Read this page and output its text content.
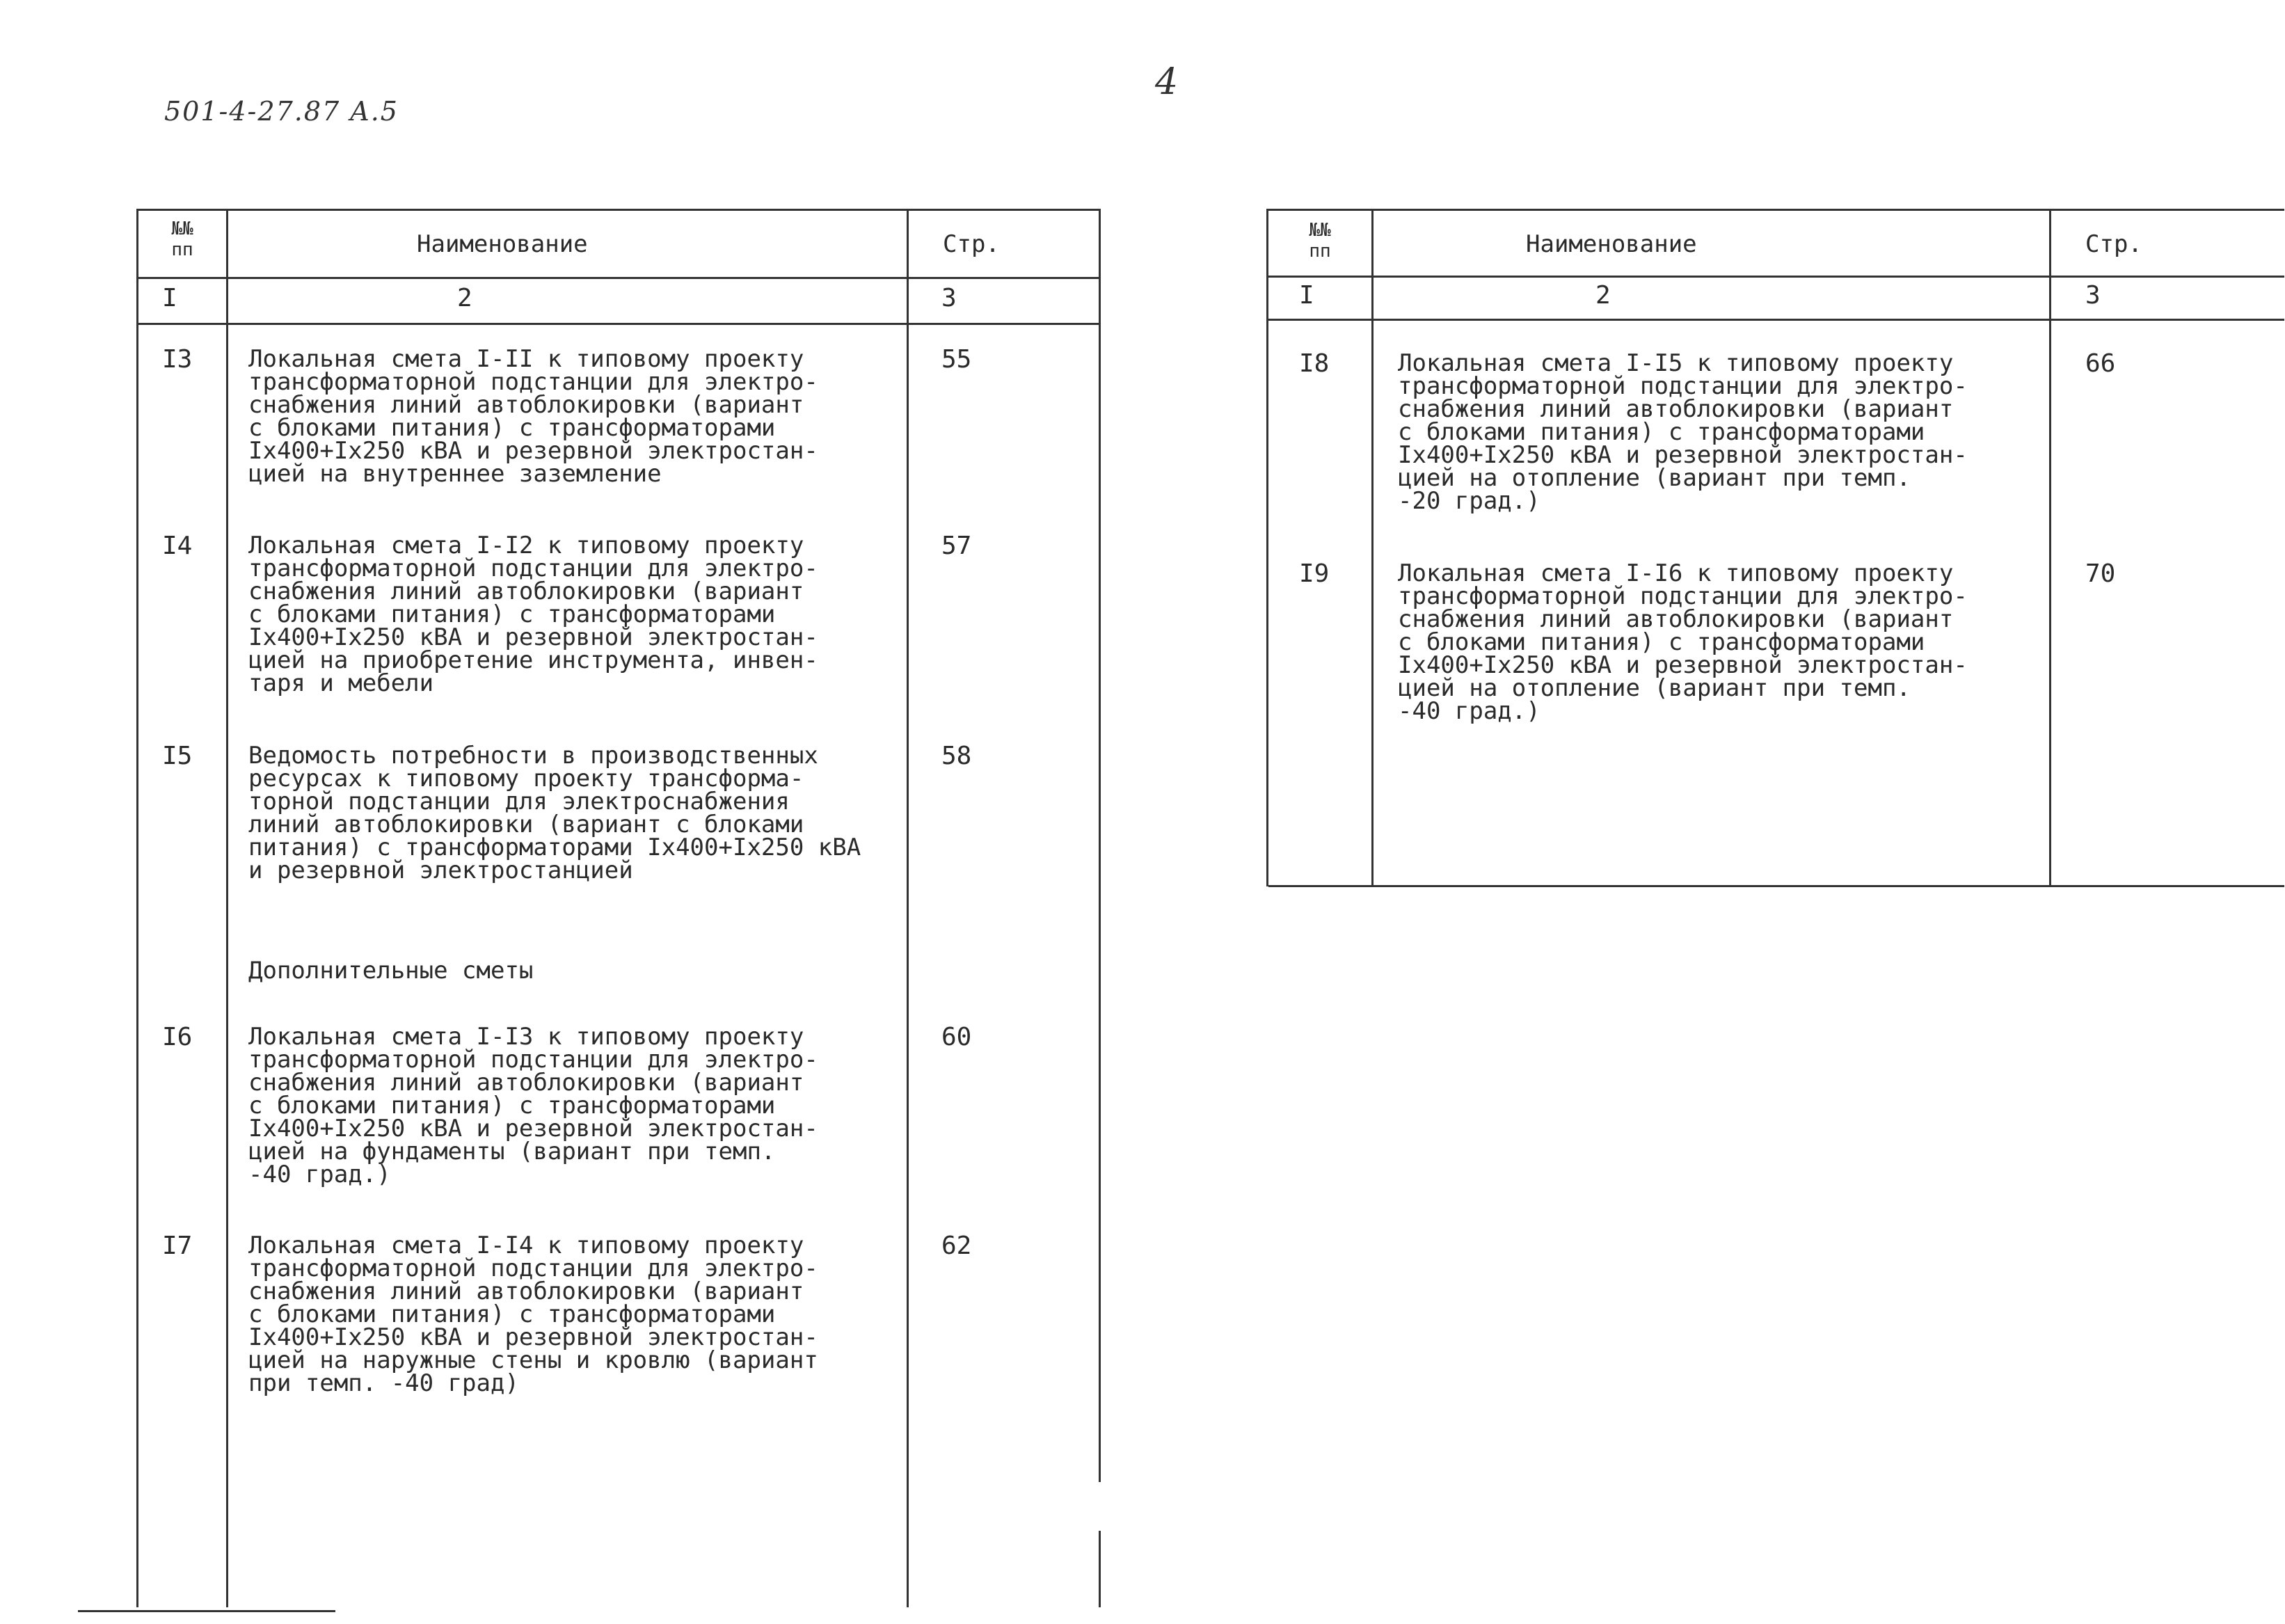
501-4-27.87 A.5
4
№№
пп	Наименование	Стр.
I	2	3
I3 Локальная смета I-II к типовому проекту
трансформаторной подстанции для электро-
снабжения линий автоблокировки (вариант
с блоками питания) с трансформаторами
Ix400+Ix250 кВА и резервной электростан-
цией на внутреннее заземление
55
I4 Локальная смета I-I2 к типовому проекту
трансформаторной подстанции для электро-
снабжения линий автоблокировки (вариант
с блоками питания) с трансформаторами
Ix400+Ix250 кВА и резервной электростан-
цией на приобретение инструмента, инвен-
таря и мебели
57
I5 Ведомость потребности в производственных
ресурсах к типовому проекту трансформа-
торной подстанции для электроснабжения
линий автоблокировки (вариант с блоками
питания) с трансформаторами Ix400+Ix250 кВА
и резервной электростанцией
58
Дополнительные сметы
I6 Локальная смета I-I3 к типовому проекту
трансформаторной подстанции для электро-
снабжения линий автоблокировки (вариант
с блоками питания) с трансформаторами
Ix400+Ix250 кВА и резервной электростан-
цией на фундаменты (вариант при темп.
-40 град.)
60
I7 Локальная смета I-I4 к типовому проекту
трансформаторной подстанции для электро-
снабжения линий автоблокировки (вариант
с блоками питания) с трансформаторами
Ix400+Ix250 кВА и резервной электростан-
цией на наружные стены и кровлю (вариант
при темп. -40 град)
62
№№
пп	Наименование	Стр.
I	2	3
I8	Локальная смета I-I5 к типовому проекту
трансформаторной подстанции для электро-
снабжения линий автоблокировки (вариант
с блоками питания) с трансформаторами
Ix400+Ix250 кВА и резервной электростан-
цией на отопление (вариант при темп.
-20 град.)
66
I9	Локальная смета I-I6 к типовому проекту
трансформаторной подстанции для электро-
снабжения линий автоблокировки (вариант
с блоками питания) с трансформаторами
Ix400+Ix250 кВА и резервной электростан-
цией на отопление (вариант при темп.
-40 град.)
70
